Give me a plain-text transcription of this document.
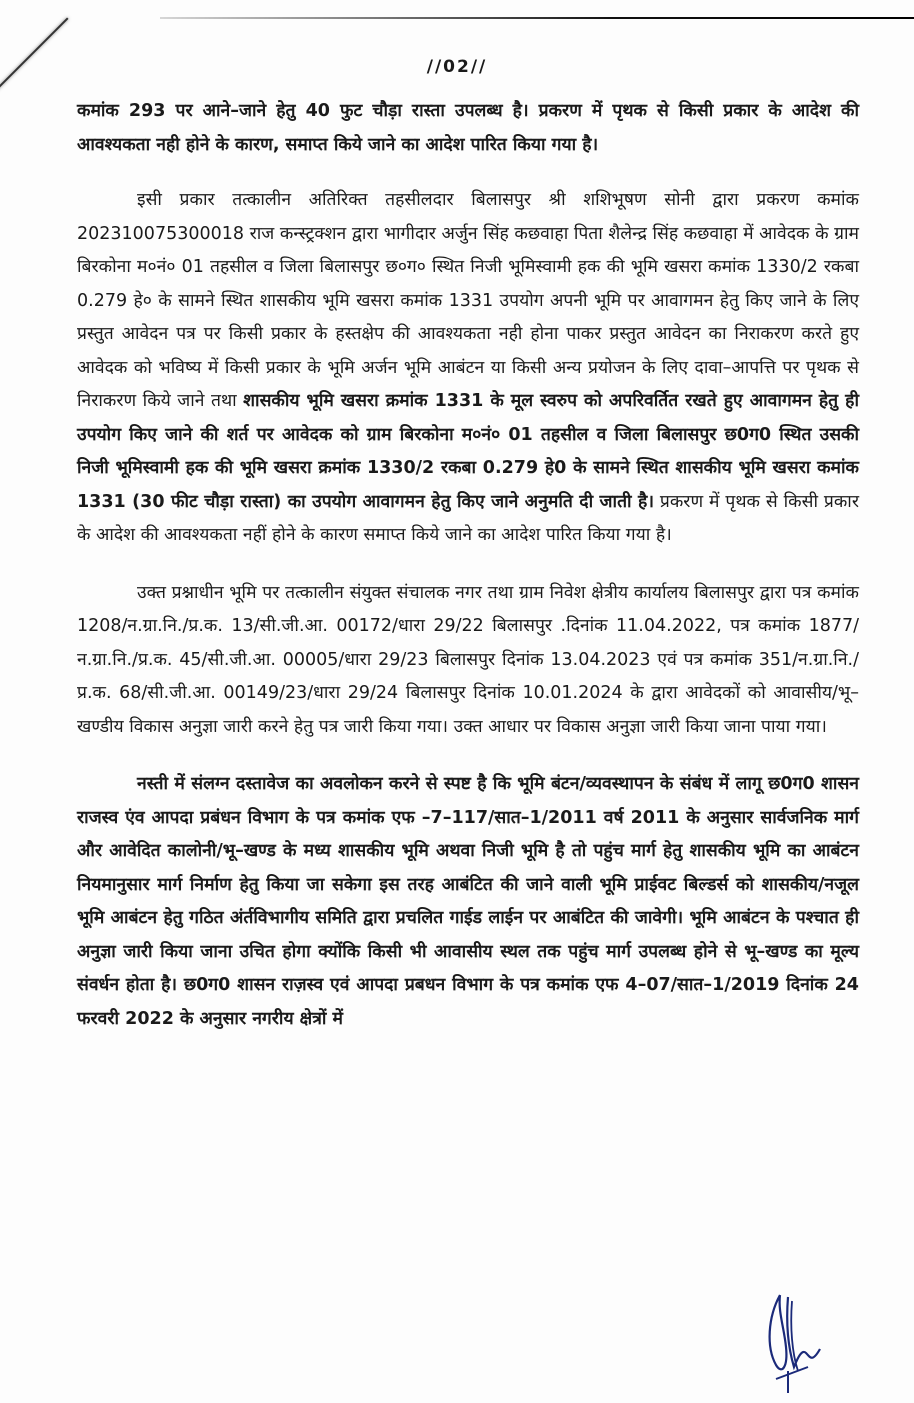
//02//

कमांक 293 पर आने–जाने हेतु 40 फुट चौड़ा रास्ता उपलब्ध है। प्रकरण में पृथक से किसी प्रकार के आदेश की आवश्यकता नही होने के कारण, समाप्त किये जाने का आदेश पारित किया गया है।

इसी प्रकार तत्कालीन अतिरिक्त तहसीलदार बिलासपुर श्री शशिभूषण सोनी द्वारा प्रकरण कमांक 202310075300018 राज कन्स्ट्रक्शन द्वारा भागीदार अर्जुन सिंह कछवाहा पिता शैलेन्द्र सिंह कछवाहा में आवेदक के ग्राम बिरकोना म०नं० 01 तहसील व जिला बिलासपुर छ०ग० स्थित निजी भूमिस्वामी हक की भूमि खसरा कमांक 1330/2 रकबा 0.279 हे० के सामने स्थित शासकीय भूमि खसरा कमांक 1331 उपयोग अपनी भूमि पर आवागमन हेतु किए जाने के लिए प्रस्तुत आवेदन पत्र पर किसी प्रकार के हस्तक्षेप की आवश्यकता नही होना पाकर प्रस्तुत आवेदन का निराकरण करते हुए आवेदक को भविष्य में किसी प्रकार के भूमि अर्जन भूमि आबंटन या किसी अन्य प्रयोजन के लिए दावा–आपत्ति पर पृथक से निराकरण किये जाने तथा शासकीय भूमि खसरा क्रमांक 1331 के मूल स्वरुप को अपरिवर्तित रखते हुए आवागमन हेतु ही उपयोग किए जाने की शर्त पर आवेदक को ग्राम बिरकोना म०नं० 01 तहसील व जिला बिलासपुर छ0ग0 स्थित उसकी निजी भूमिस्वामी हक की भूमि खसरा क्रमांक 1330/2 रकबा 0.279 हे0 के सामने स्थित शासकीय भूमि खसरा कमांक 1331 (30 फीट चौड़ा रास्ता) का उपयोग आवागमन हेतु किए जाने अनुमति दी जाती है। प्रकरण में पृथक से किसी प्रकार के आदेश की आवश्यकता नहीं होने के कारण समाप्त किये जाने का आदेश पारित किया गया है।

उक्त प्रश्नाधीन भूमि पर तत्कालीन संयुक्त संचालक नगर तथा ग्राम निवेश क्षेत्रीय कार्यालय बिलासपुर द्वारा पत्र कमांक 1208/न.ग्रा.नि./प्र.क. 13/सी.जी.आ. 00172/धारा 29/22 बिलासपुर .दिनांक 11.04.2022, पत्र कमांक 1877/न.ग्रा.नि./प्र.क. 45/सी.जी.आ. 00005/धारा 29/23 बिलासपुर दिनांक 13.04.2023 एवं पत्र कमांक 351/न.ग्रा.नि./प्र.क. 68/सी.जी.आ. 00149/23/धारा 29/24 बिलासपुर दिनांक 10.01.2024 के द्वारा आवेदकों को आवासीय/भू–खण्डीय विकास अनुज्ञा जारी करने हेतु पत्र जारी किया गया। उक्त आधार पर विकास अनुज्ञा जारी किया जाना पाया गया।

नस्ती में संलग्न दस्तावेज का अवलोकन करने से स्पष्ट है कि भूमि बंटन/व्यवस्थापन के संबंध में लागू छ0ग0 शासन राजस्व एंव आपदा प्रबंधन विभाग के पत्र कमांक एफ –7–117/सात–1/2011 वर्ष 2011 के अनुसार सार्वजनिक मार्ग और आवेदित कालोनी/भू–खण्ड के मध्य शासकीय भूमि अथवा निजी भूमि है तो पहुंच मार्ग हेतु शासकीय भूमि का आबंटन नियमानुसार मार्ग निर्माण हेतु किया जा सकेगा इस तरह आबंटित की जाने वाली भूमि प्राईवट बिल्डर्स को शासकीय/नजूल भूमि आबंटन हेतु गठित अंर्तविभागीय समिति द्वारा प्रचलित गाईड लाईन पर आबंटित की जावेगी। भूमि आबंटन के पश्चात ही अनुज्ञा जारी किया जाना उचित होगा क्योंकि किसी भी आवासीय स्थल तक पहुंच मार्ग उपलब्ध होने से भू–खण्ड का मूल्य संवर्धन होता है। छ0ग0 शासन राज़स्व एवं आपदा प्रबधन विभाग के पत्र कमांक एफ 4–07/सात–1/2019 दिनांक 24 फरवरी 2022 के अनुसार नगरीय क्षेत्रों में
